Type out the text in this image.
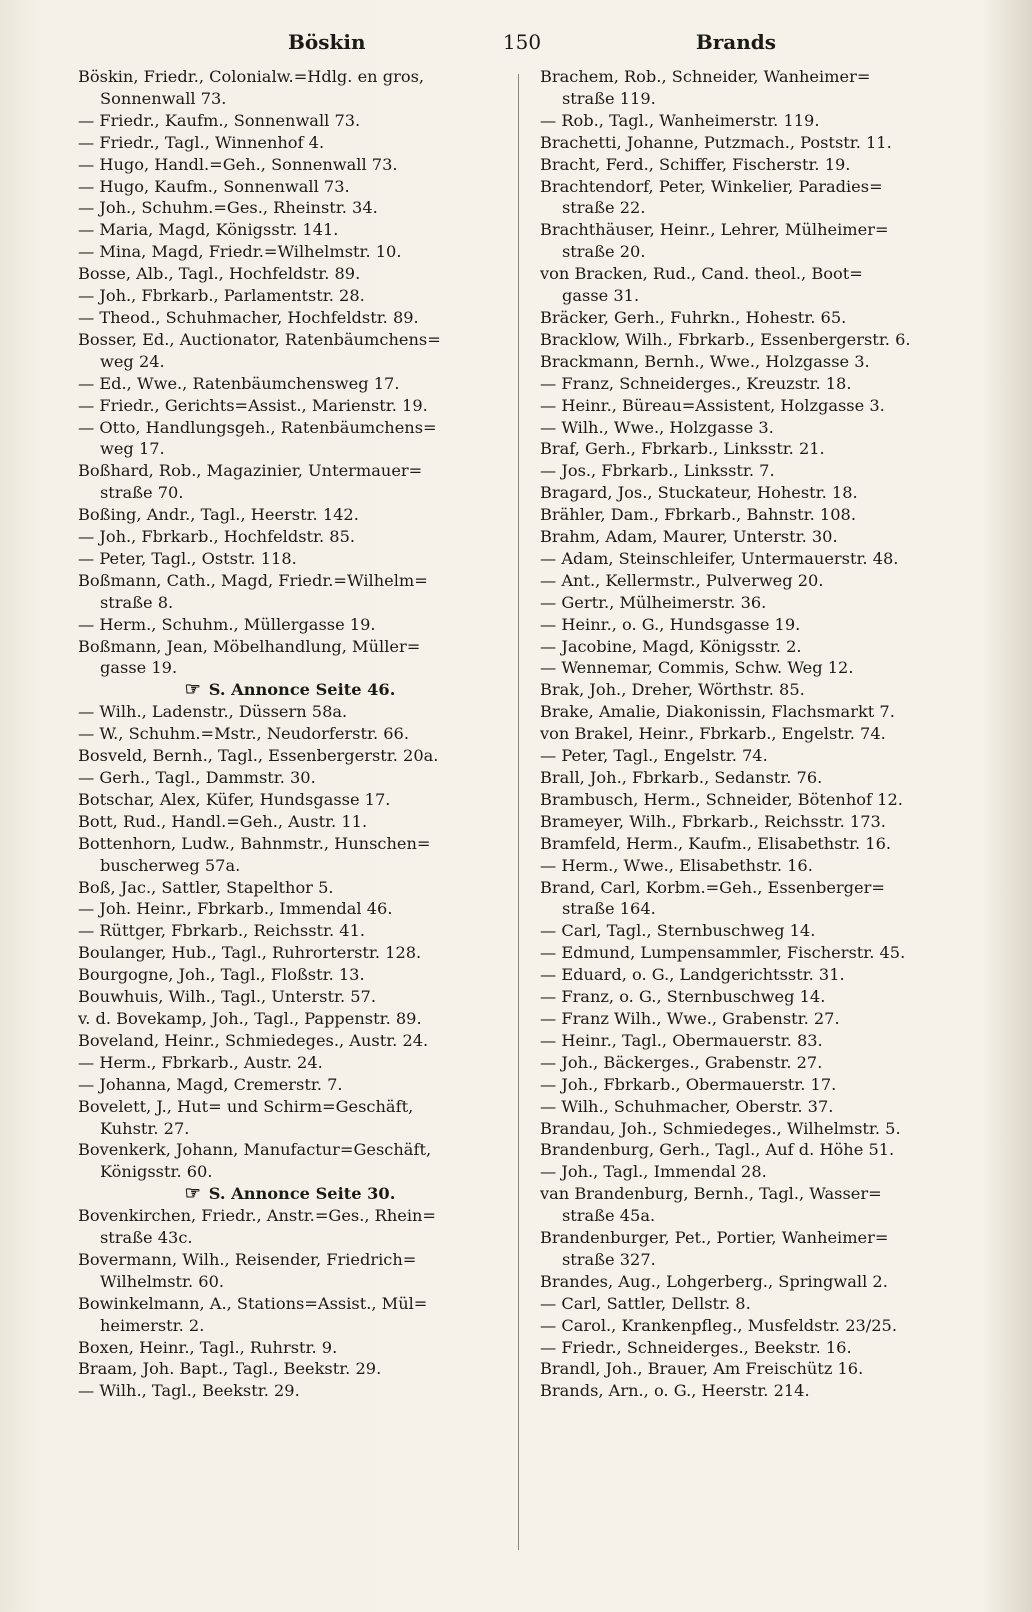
Böskin	150	Brands
Böskin, Friedr., Colonialw.=Hdlg. en gros,
Sonnenwall 73.
— Friedr., Kaufm., Sonnenwall 73.
— Friedr., Tagl., Winnenhof 4.
— Hugo, Handl.=Geh., Sonnenwall 73.
— Hugo, Kaufm., Sonnenwall 73.
— Joh., Schuhm.=Ges., Rheinstr. 34.
— Maria, Magd, Königsstr. 141.
— Mina, Magd, Friedr.=Wilhelmstr. 10.
Bosse, Alb., Tagl., Hochfeldstr. 89.
— Joh., Fbrkarb., Parlamentstr. 28.
— Theod., Schuhmacher, Hochfeldstr. 89.
Bosser, Ed., Auctionator, Ratenbäumchens=
weg 24.
— Ed., Wwe., Ratenbäumchensweg 17.
— Friedr., Gerichts=Assist., Marienstr. 19.
— Otto, Handlungsgeh., Ratenbäumchens=
weg 17.
Boßhard, Rob., Magazinier, Untermauer=
straße 70.
Boßing, Andr., Tagl., Heerstr. 142.
— Joh., Fbrkarb., Hochfeldstr. 85.
— Peter, Tagl., Oststr. 118.
Boßmann, Cath., Magd, Friedr.=Wilhelm=
straße 8.
— Herm., Schuhm., Müllergasse 19.
Boßmann, Jean, Möbelhandlung, Müller=
gasse 19.
☞ S. Annonce Seite 46.
— Wilh., Ladenstr., Düssern 58a.
— W., Schuhm.=Mstr., Neudorferstr. 66.
Bosveld, Bernh., Tagl., Essenbergerstr. 20a.
— Gerh., Tagl., Dammstr. 30.
Botschar, Alex, Küfer, Hundsgasse 17.
Bott, Rud., Handl.=Geh., Austr. 11.
Bottenhorn, Ludw., Bahnmstr., Hunschen=
buscherweg 57a.
Boß, Jac., Sattler, Stapelthor 5.
— Joh. Heinr., Fbrkarb., Immendal 46.
— Rüttger, Fbrkarb., Reichsstr. 41.
Boulanger, Hub., Tagl., Ruhrorterstr. 128.
Bourgogne, Joh., Tagl., Floßstr. 13.
Bouwhuis, Wilh., Tagl., Unterstr. 57.
v. d. Bovekamp, Joh., Tagl., Pappenstr. 89.
Boveland, Heinr., Schmiedeges., Austr. 24.
— Herm., Fbrkarb., Austr. 24.
— Johanna, Magd, Cremerstr. 7.
Bovelett, J., Hut= und Schirm=Geschäft,
Kuhstr. 27.
Bovenkerk, Johann, Manufactur=Geschäft,
Königsstr. 60.
☞ S. Annonce Seite 30.
Bovenkirchen, Friedr., Anstr.=Ges., Rhein=
straße 43c.
Bovermann, Wilh., Reisender, Friedrich=
Wilhelmstr. 60.
Bowinkelmann, A., Stations=Assist., Mül=
heimerstr. 2.
Boxen, Heinr., Tagl., Ruhrstr. 9.
Braam, Joh. Bapt., Tagl., Beekstr. 29.
— Wilh., Tagl., Beekstr. 29.
Brachem, Rob., Schneider, Wanheimer=
straße 119.
— Rob., Tagl., Wanheimerstr. 119.
Brachetti, Johanne, Putzmach., Poststr. 11.
Bracht, Ferd., Schiffer, Fischerstr. 19.
Brachtendorf, Peter, Winkelier, Paradies=
straße 22.
Brachthäuser, Heinr., Lehrer, Mülheimer=
straße 20.
von Bracken, Rud., Cand. theol., Boot=
gasse 31.
Bräcker, Gerh., Fuhrkn., Hohestr. 65.
Bracklow, Wilh., Fbrkarb., Essenbergerstr. 6.
Brackmann, Bernh., Wwe., Holzgasse 3.
— Franz, Schneiderges., Kreuzstr. 18.
— Heinr., Büreau=Assistent, Holzgasse 3.
— Wilh., Wwe., Holzgasse 3.
Braf, Gerh., Fbrkarb., Linksstr. 21.
— Jos., Fbrkarb., Linksstr. 7.
Bragard, Jos., Stuckateur, Hohestr. 18.
Brähler, Dam., Fbrkarb., Bahnstr. 108.
Brahm, Adam, Maurer, Unterstr. 30.
— Adam, Steinschleifer, Untermauerstr. 48.
— Ant., Kellermstr., Pulverweg 20.
— Gertr., Mülheimerstr. 36.
— Heinr., o. G., Hundsgasse 19.
— Jacobine, Magd, Königsstr. 2.
— Wennemar, Commis, Schw. Weg 12.
Brak, Joh., Dreher, Wörthstr. 85.
Brake, Amalie, Diakonissin, Flachsmarkt 7.
von Brakel, Heinr., Fbrkarb., Engelstr. 74.
— Peter, Tagl., Engelstr. 74.
Brall, Joh., Fbrkarb., Sedanstr. 76.
Brambusch, Herm., Schneider, Bötenhof 12.
Brameyer, Wilh., Fbrkarb., Reichsstr. 173.
Bramfeld, Herm., Kaufm., Elisabethstr. 16.
— Herm., Wwe., Elisabethstr. 16.
Brand, Carl, Korbm.=Geh., Essenberger=
straße 164.
— Carl, Tagl., Sternbuschweg 14.
— Edmund, Lumpensammler, Fischerstr. 45.
— Eduard, o. G., Landgerichtsstr. 31.
— Franz, o. G., Sternbuschweg 14.
— Franz Wilh., Wwe., Grabenstr. 27.
— Heinr., Tagl., Obermauerstr. 83.
— Joh., Bäckerges., Grabenstr. 27.
— Joh., Fbrkarb., Obermauerstr. 17.
— Wilh., Schuhmacher, Oberstr. 37.
Brandau, Joh., Schmiedeges., Wilhelmstr. 5.
Brandenburg, Gerh., Tagl., Auf d. Höhe 51.
— Joh., Tagl., Immendal 28.
van Brandenburg, Bernh., Tagl., Wasser=
straße 45a.
Brandenburger, Pet., Portier, Wanheimer=
straße 327.
Brandes, Aug., Lohgerberg., Springwall 2.
— Carl, Sattler, Dellstr. 8.
— Carol., Krankenpfleg., Musfeldstr. 23/25.
— Friedr., Schneiderges., Beekstr. 16.
Brandl, Joh., Brauer, Am Freischütz 16.
Brands, Arn., o. G., Heerstr. 214.
